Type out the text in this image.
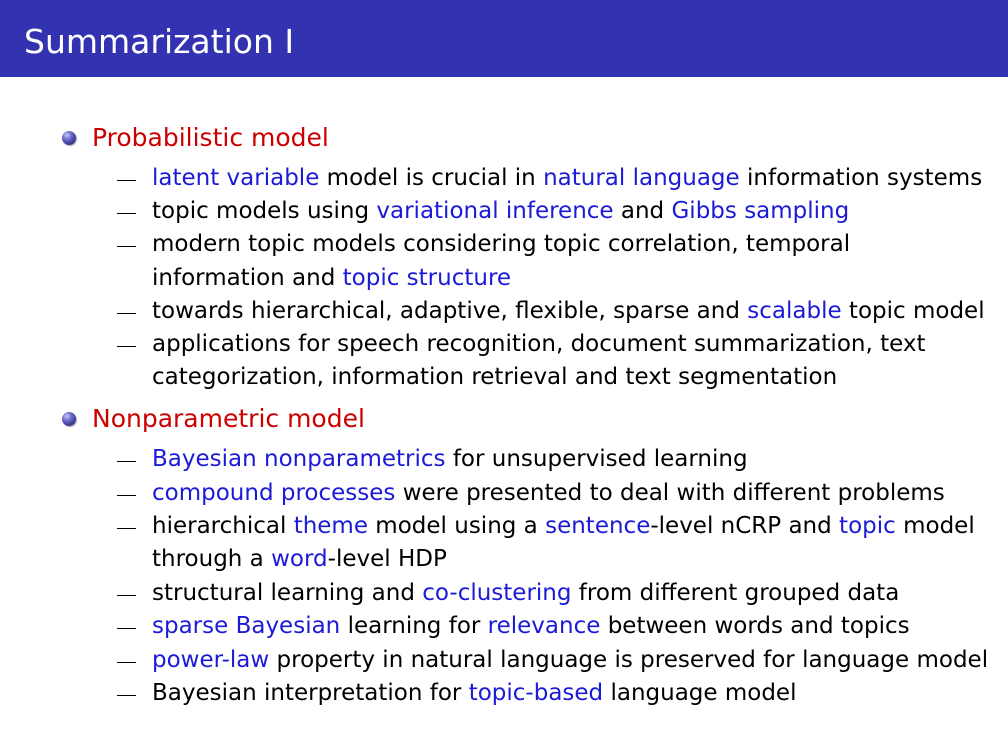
Summarization I
Probabilistic model
latent variable model is crucial in natural language information systems
topic models using variational inference and Gibbs sampling
modern topic models considering topic correlation, temporal
information and topic structure
towards hierarchical, adaptive, flexible, sparse and scalable topic model
applications for speech recognition, document summarization, text
categorization, information retrieval and text segmentation
Nonparametric model
Bayesian nonparametrics for unsupervised learning
compound processes were presented to deal with different problems
hierarchical theme model using a sentence-level nCRP and topic model
through a word-level HDP
structural learning and co-clustering from different grouped data
sparse Bayesian learning for relevance between words and topics
power-law property in natural language is preserved for language model
Bayesian interpretation for topic-based language model
